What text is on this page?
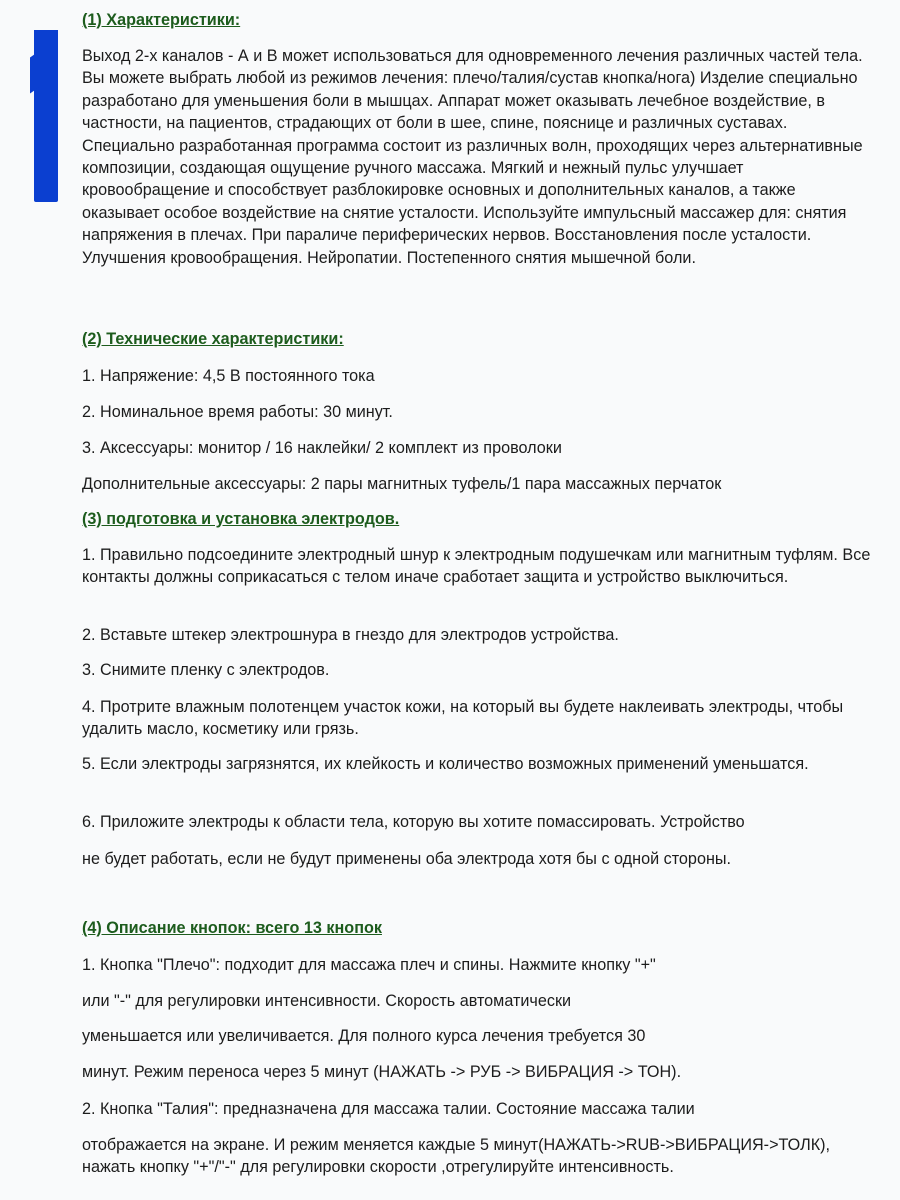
(1) Характеристики:

Выход 2-х каналов - А и В может использоваться для одновременного лечения различных частей тела. Вы можете выбрать любой из режимов лечения: плечо/талия/сустав кнопка/нога) Изделие специально разработано для уменьшения боли в мышцах. Аппарат может оказывать лечебное воздействие, в частности, на пациентов, страдающих от боли в шее, спине, пояснице и различных суставах. Специально разработанная программа состоит из различных волн, проходящих через альтернативные композиции, создающая ощущение ручного массажа. Мягкий и нежный пульс улучшает кровообращение и способствует разблокировке основных и дополнительных каналов, а также оказывает особое воздействие на снятие усталости. Используйте импульсный массажер для: снятия напряжения в плечах. При параличе периферических нервов. Восстановления после усталости. Улучшения кровообращения. Нейропатии. Постепенного снятия мышечной боли.

(2) Технические характеристики:

1. Напряжение: 4,5 В постоянного тока

2. Номинальное время работы: 30 минут.

3. Аксессуары: монитор / 16 наклейки/ 2 комплект из проволоки

Дополнительные аксессуары: 2 пары магнитных туфель/1 пара массажных перчаток

(3) подготовка и установка электродов.

1. Правильно подсоедините электродный шнур к электродным подушечкам или магнитным туфлям. Все контакты должны соприкасаться с телом иначе сработает защита и устройство выключиться.

2. Вставьте штекер электрошнура в гнездо для электродов устройства.

3. Снимите пленку с электродов.

4. Протрите влажным полотенцем участок кожи, на который вы будете наклеивать электроды, чтобы удалить масло, косметику или грязь.

5. Если электроды загрязнятся, их клейкость и количество возможных применений уменьшатся.

6. Приложите электроды к области тела, которую вы хотите помассировать. Устройство

не будет работать, если не будут применены оба электрода хотя бы с одной стороны.

(4) Описание кнопок: всего 13 кнопок

1. Кнопка "Плечо": подходит для массажа плеч и спины. Нажмите кнопку "+"

или "-" для регулировки интенсивности. Скорость автоматически

уменьшается или увеличивается. Для полного курса лечения требуется 30

минут. Режим переноса через 5 минут (НАЖАТЬ -> РУБ -> ВИБРАЦИЯ -> ТОН).

2. Кнопка "Талия": предназначена для массажа талии. Состояние массажа талии

отображается на экране. И режим меняется каждые 5 минут(НАЖАТЬ->RUB->ВИБРАЦИЯ->ТОЛК), нажать кнопку "+"/"-" для регулировки скорости ,отрегулируйте интенсивность.
